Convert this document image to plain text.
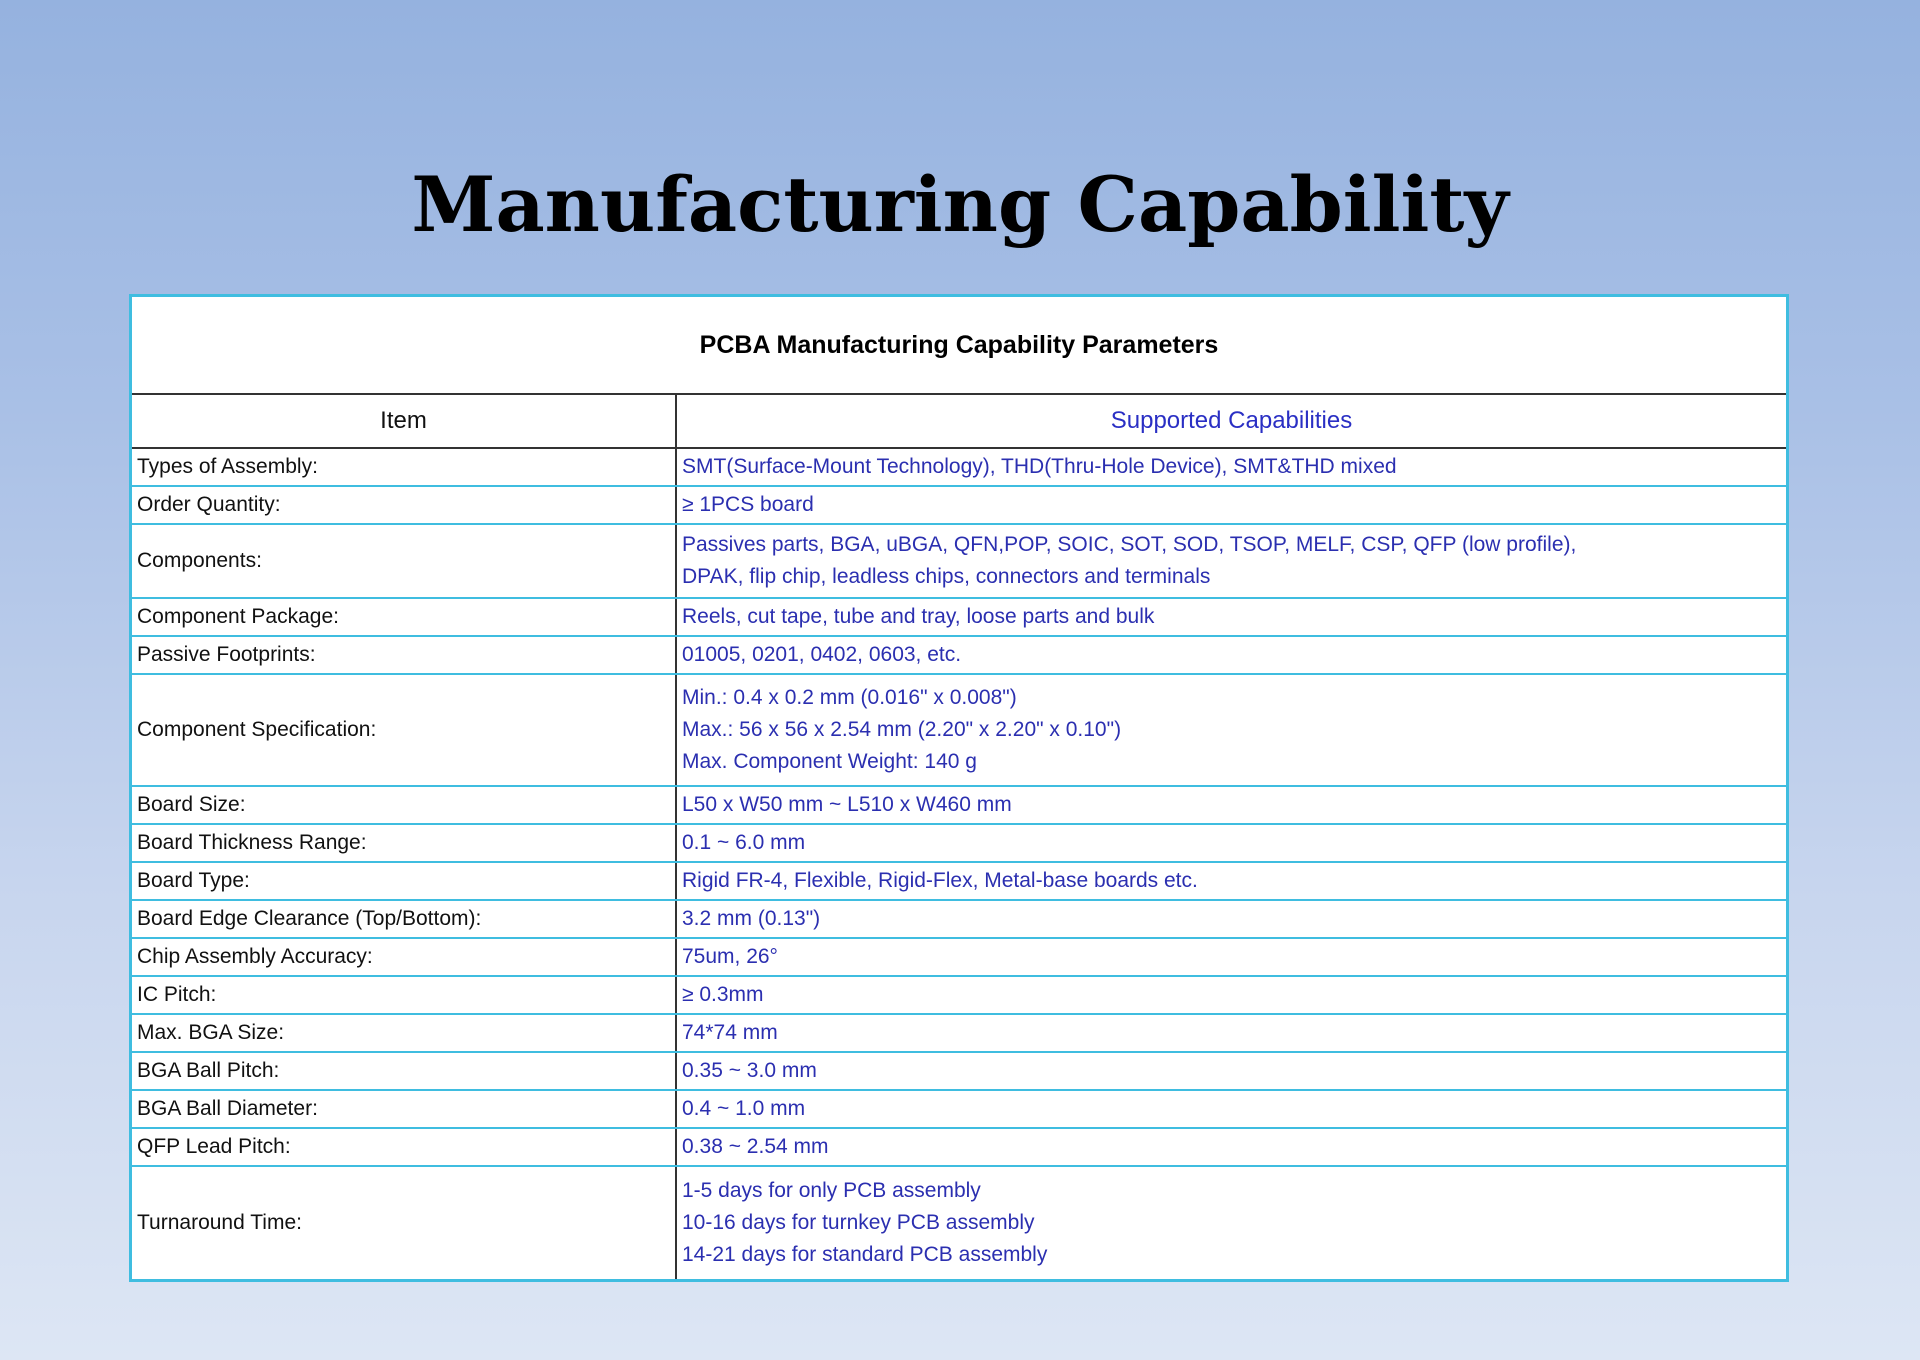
Manufacturing Capability
PCBA Manufacturing Capability Parameters	
Item	Supported Capabilities
Types of Assembly:	SMT(Surface-Mount Technology), THD(Thru-Hole Device), SMT&THD mixed

Order Quantity:	≥ 1PCS board

Components:	Passives parts, BGA, uBGA, QFN,POP, SOIC, SOT, SOD, TSOP, MELF, CSP, QFP (low profile),
DPAK, flip chip, leadless chips, connectors and terminals

Component Package:	Reels, cut tape, tube and tray, loose parts and bulk

Passive Footprints:	01005, 0201, 0402, 0603, etc.

Component Specification:	Min.: 0.4 x 0.2 mm (0.016" x 0.008")
Max.: 56 x 56 x 2.54 mm (2.20" x 2.20" x 0.10")
Max. Component Weight: 140 g

Board Size:	L50 x W50 mm ~ L510 x W460 mm

Board Thickness Range:	0.1 ~ 6.0 mm

Board Type:	Rigid FR-4, Flexible, Rigid-Flex, Metal-base boards etc.

Board Edge Clearance (Top/Bottom):	3.2 mm (0.13")

Chip Assembly Accuracy:	75um, 26°

IC Pitch:	≥ 0.3mm

Max. BGA Size:	74*74 mm

BGA Ball Pitch:	0.35 ~ 3.0 mm

BGA Ball Diameter:	0.4 ~ 1.0 mm

QFP Lead Pitch:	0.38 ~ 2.54 mm

Turnaround Time:	1-5 days for only PCB assembly
10-16 days for turnkey PCB assembly
14-21 days for standard PCB assembly
